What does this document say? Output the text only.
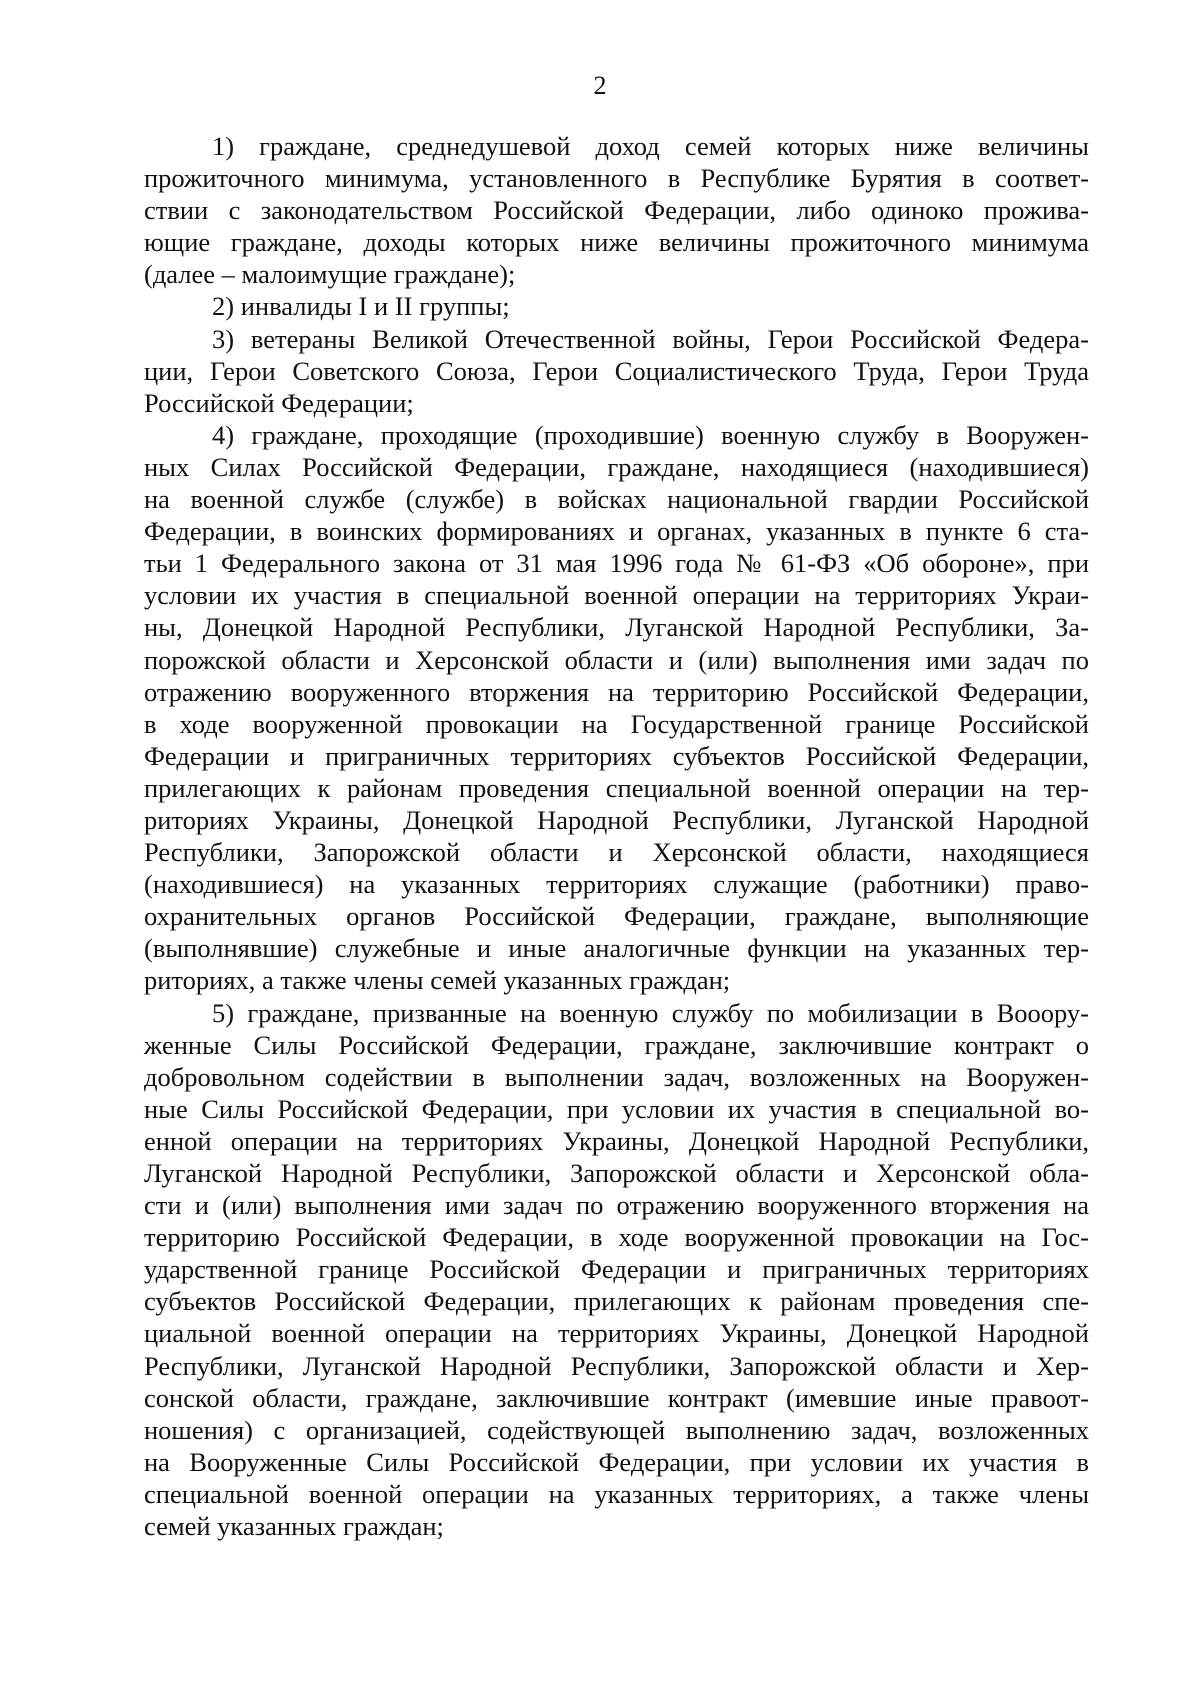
2

1) граждане, среднедушевой доход семей которых ниже величины
прожиточного минимума, установленного в Республике Бурятия в соответ-
ствии с законодательством Российской Федерации, либо одиноко прожива-
ющие граждане, доходы которых ниже величины прожиточного минимума
(далее – малоимущие граждане);

2) инвалиды I и II группы;

3) ветераны Великой Отечественной войны, Герои Российской Федера-
ции, Герои Советского Союза, Герои Социалистического Труда, Герои Труда
Российской Федерации;

4) граждане, проходящие (проходившие) военную службу в Вооружен-
ных Силах Российской Федерации, граждане, находящиеся (находившиеся)
на военной службе (службе) в войсках национальной гвардии Российской
Федерации, в воинских формированиях и органах, указанных в пункте 6 ста-
тьи 1 Федерального закона от 31 мая 1996 года № 61-ФЗ «Об обороне», при
условии их участия в специальной военной операции на территориях Украи-
ны, Донецкой Народной Республики, Луганской Народной Республики, За-
порожской области и Херсонской области и (или) выполнения ими задач по
отражению вооруженного вторжения на территорию Российской Федерации,
в ходе вооруженной провокации на Государственной границе Российской
Федерации и приграничных территориях субъектов Российской Федерации,
прилегающих к районам проведения специальной военной операции на тер-
риториях Украины, Донецкой Народной Республики, Луганской Народной
Республики, Запорожской области и Херсонской области, находящиеся
(находившиеся) на указанных территориях служащие (работники) право-
охранительных органов Российской Федерации, граждане, выполняющие
(выполнявшие) служебные и иные аналогичные функции на указанных тер-
риториях, а также члены семей указанных граждан;

5) граждане, призванные на военную службу по мобилизации в Вооору-
женные Силы Российской Федерации, граждане, заключившие контракт о
добровольном содействии в выполнении задач, возложенных на Вооружен-
ные Силы Российской Федерации, при условии их участия в специальной во-
енной операции на территориях Украины, Донецкой Народной Республики,
Луганской Народной Республики, Запорожской области и Херсонской обла-
сти и (или) выполнения ими задач по отражению вооруженного вторжения на
территорию Российской Федерации, в ходе вооруженной провокации на Гос-
ударственной границе Российской Федерации и приграничных территориях
субъектов Российской Федерации, прилегающих к районам проведения спе-
циальной военной операции на территориях Украины, Донецкой Народной
Республики, Луганской Народной Республики, Запорожской области и Хер-
сонской области, граждане, заключившие контракт (имевшие иные правоот-
ношения) с организацией, содействующей выполнению задач, возложенных
на Вооруженные Силы Российской Федерации, при условии их участия в
специальной военной операции на указанных территориях, а также члены
семей указанных граждан;
